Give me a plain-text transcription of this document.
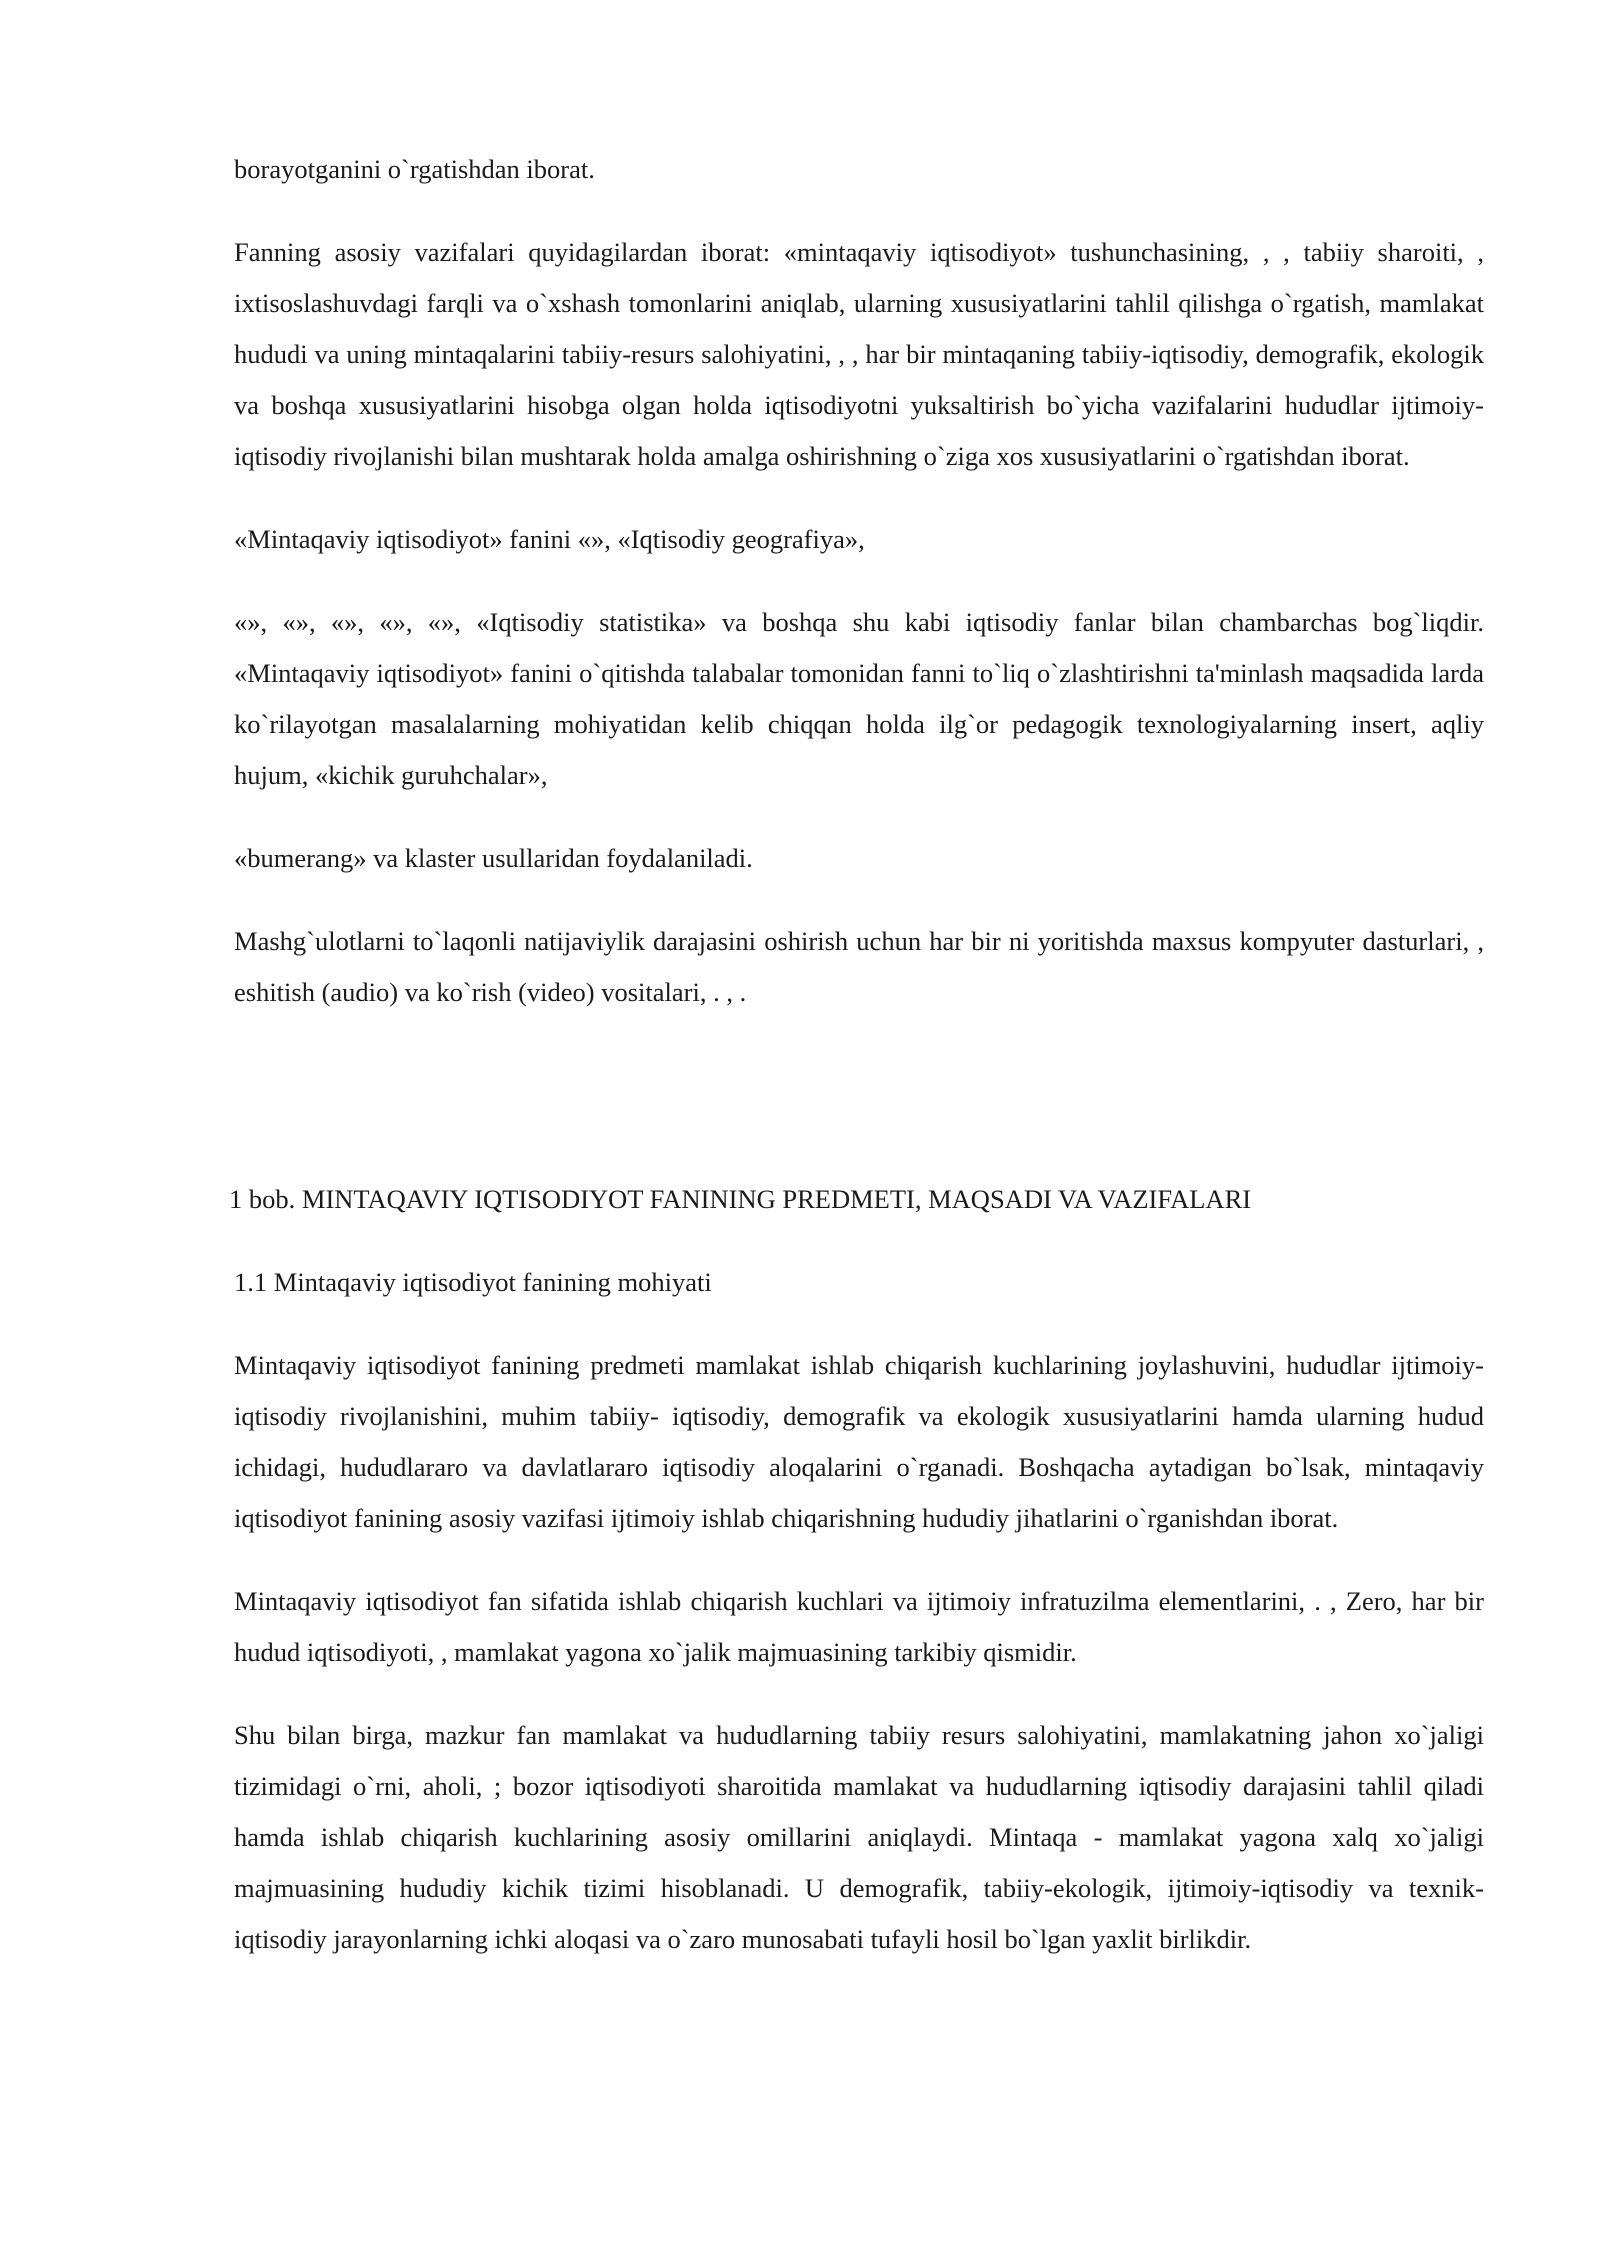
borayotganini o`rgatishdan iborat.

Fanning asosiy vazifalari quyidagilardan iborat: «mintaqaviy iqtisodiyot» tushunchasining, , , tabiiy sharoiti, , ixtisoslashuvdagi farqli va o`xshash tomonlarini aniqlab, ularning xususiyatlarini tahlil qilishga o`rgatish, mamlakat hududi va uning mintaqalarini tabiiy-resurs salohiyatini, , , har bir mintaqaning tabiiy-iqtisodiy, demografik, ekologik va boshqa xususiyatlarini hisobga olgan holda iqtisodiyotni yuksaltirish bo`yicha vazifalarini hududlar ijtimoiy-iqtisodiy rivojlanishi bilan mushtarak holda amalga oshirishning o`ziga xos xususiyatlarini o`rgatishdan iborat.

«Mintaqaviy iqtisodiyot» fanini «», «Iqtisodiy geografiya»,

«», «», «», «», «», «Iqtisodiy statistika» va boshqa shu kabi iqtisodiy fanlar bilan chambarchas bog`liqdir. «Mintaqaviy iqtisodiyot» fanini o`qitishda talabalar tomonidan fanni to`liq o`zlashtirishni ta'minlash maqsadida larda ko`rilayotgan masalalarning mohiyatidan kelib chiqqan holda ilg`or pedagogik texnologiyalarning insert, aqliy hujum, «kichik guruhchalar»,

«bumerang» va klaster usullaridan foydalaniladi.

Mashg`ulotlarni to`laqonli natijaviylik darajasini oshirish uchun har bir ni yoritishda maxsus kompyuter dasturlari, , eshitish (audio) va ko`rish (video) vositalari, . , .

1 bob. MINTAQAVIY IQTISODIYOT FANINING PREDMETI, MAQSADI VA VAZIFALARI

1.1 Mintaqaviy iqtisodiyot fanining mohiyati

Mintaqaviy iqtisodiyot fanining predmeti mamlakat ishlab chiqarish kuchlarining joylashuvini, hududlar ijtimoiy-iqtisodiy rivojlanishini, muhim tabiiy- iqtisodiy, demografik va ekologik xususiyatlarini hamda ularning hudud ichidagi, hududlararo va davlatlararo iqtisodiy aloqalarini o`rganadi. Boshqacha aytadigan bo`lsak, mintaqaviy iqtisodiyot fanining asosiy vazifasi ijtimoiy ishlab chiqarishning hududiy jihatlarini o`rganishdan iborat.

Mintaqaviy iqtisodiyot fan sifatida ishlab chiqarish kuchlari va ijtimoiy infratuzilma elementlarini, . , Zero, har bir hudud iqtisodiyoti, , mamlakat yagona xo`jalik majmuasining tarkibiy qismidir.

Shu bilan birga, mazkur fan mamlakat va hududlarning tabiiy resurs salohiyatini, mamlakatning jahon xo`jaligi tizimidagi o`rni, aholi, ; bozor iqtisodiyoti sharoitida mamlakat va hududlarning iqtisodiy darajasini tahlil qiladi hamda ishlab chiqarish kuchlarining asosiy omillarini aniqlaydi. Mintaqa - mamlakat yagona xalq xo`jaligi majmuasining hududiy kichik tizimi hisoblanadi. U demografik, tabiiy-ekologik, ijtimoiy-iqtisodiy va texnik-iqtisodiy jarayonlarning ichki aloqasi va o`zaro munosabati tufayli hosil bo`lgan yaxlit birlikdir.
